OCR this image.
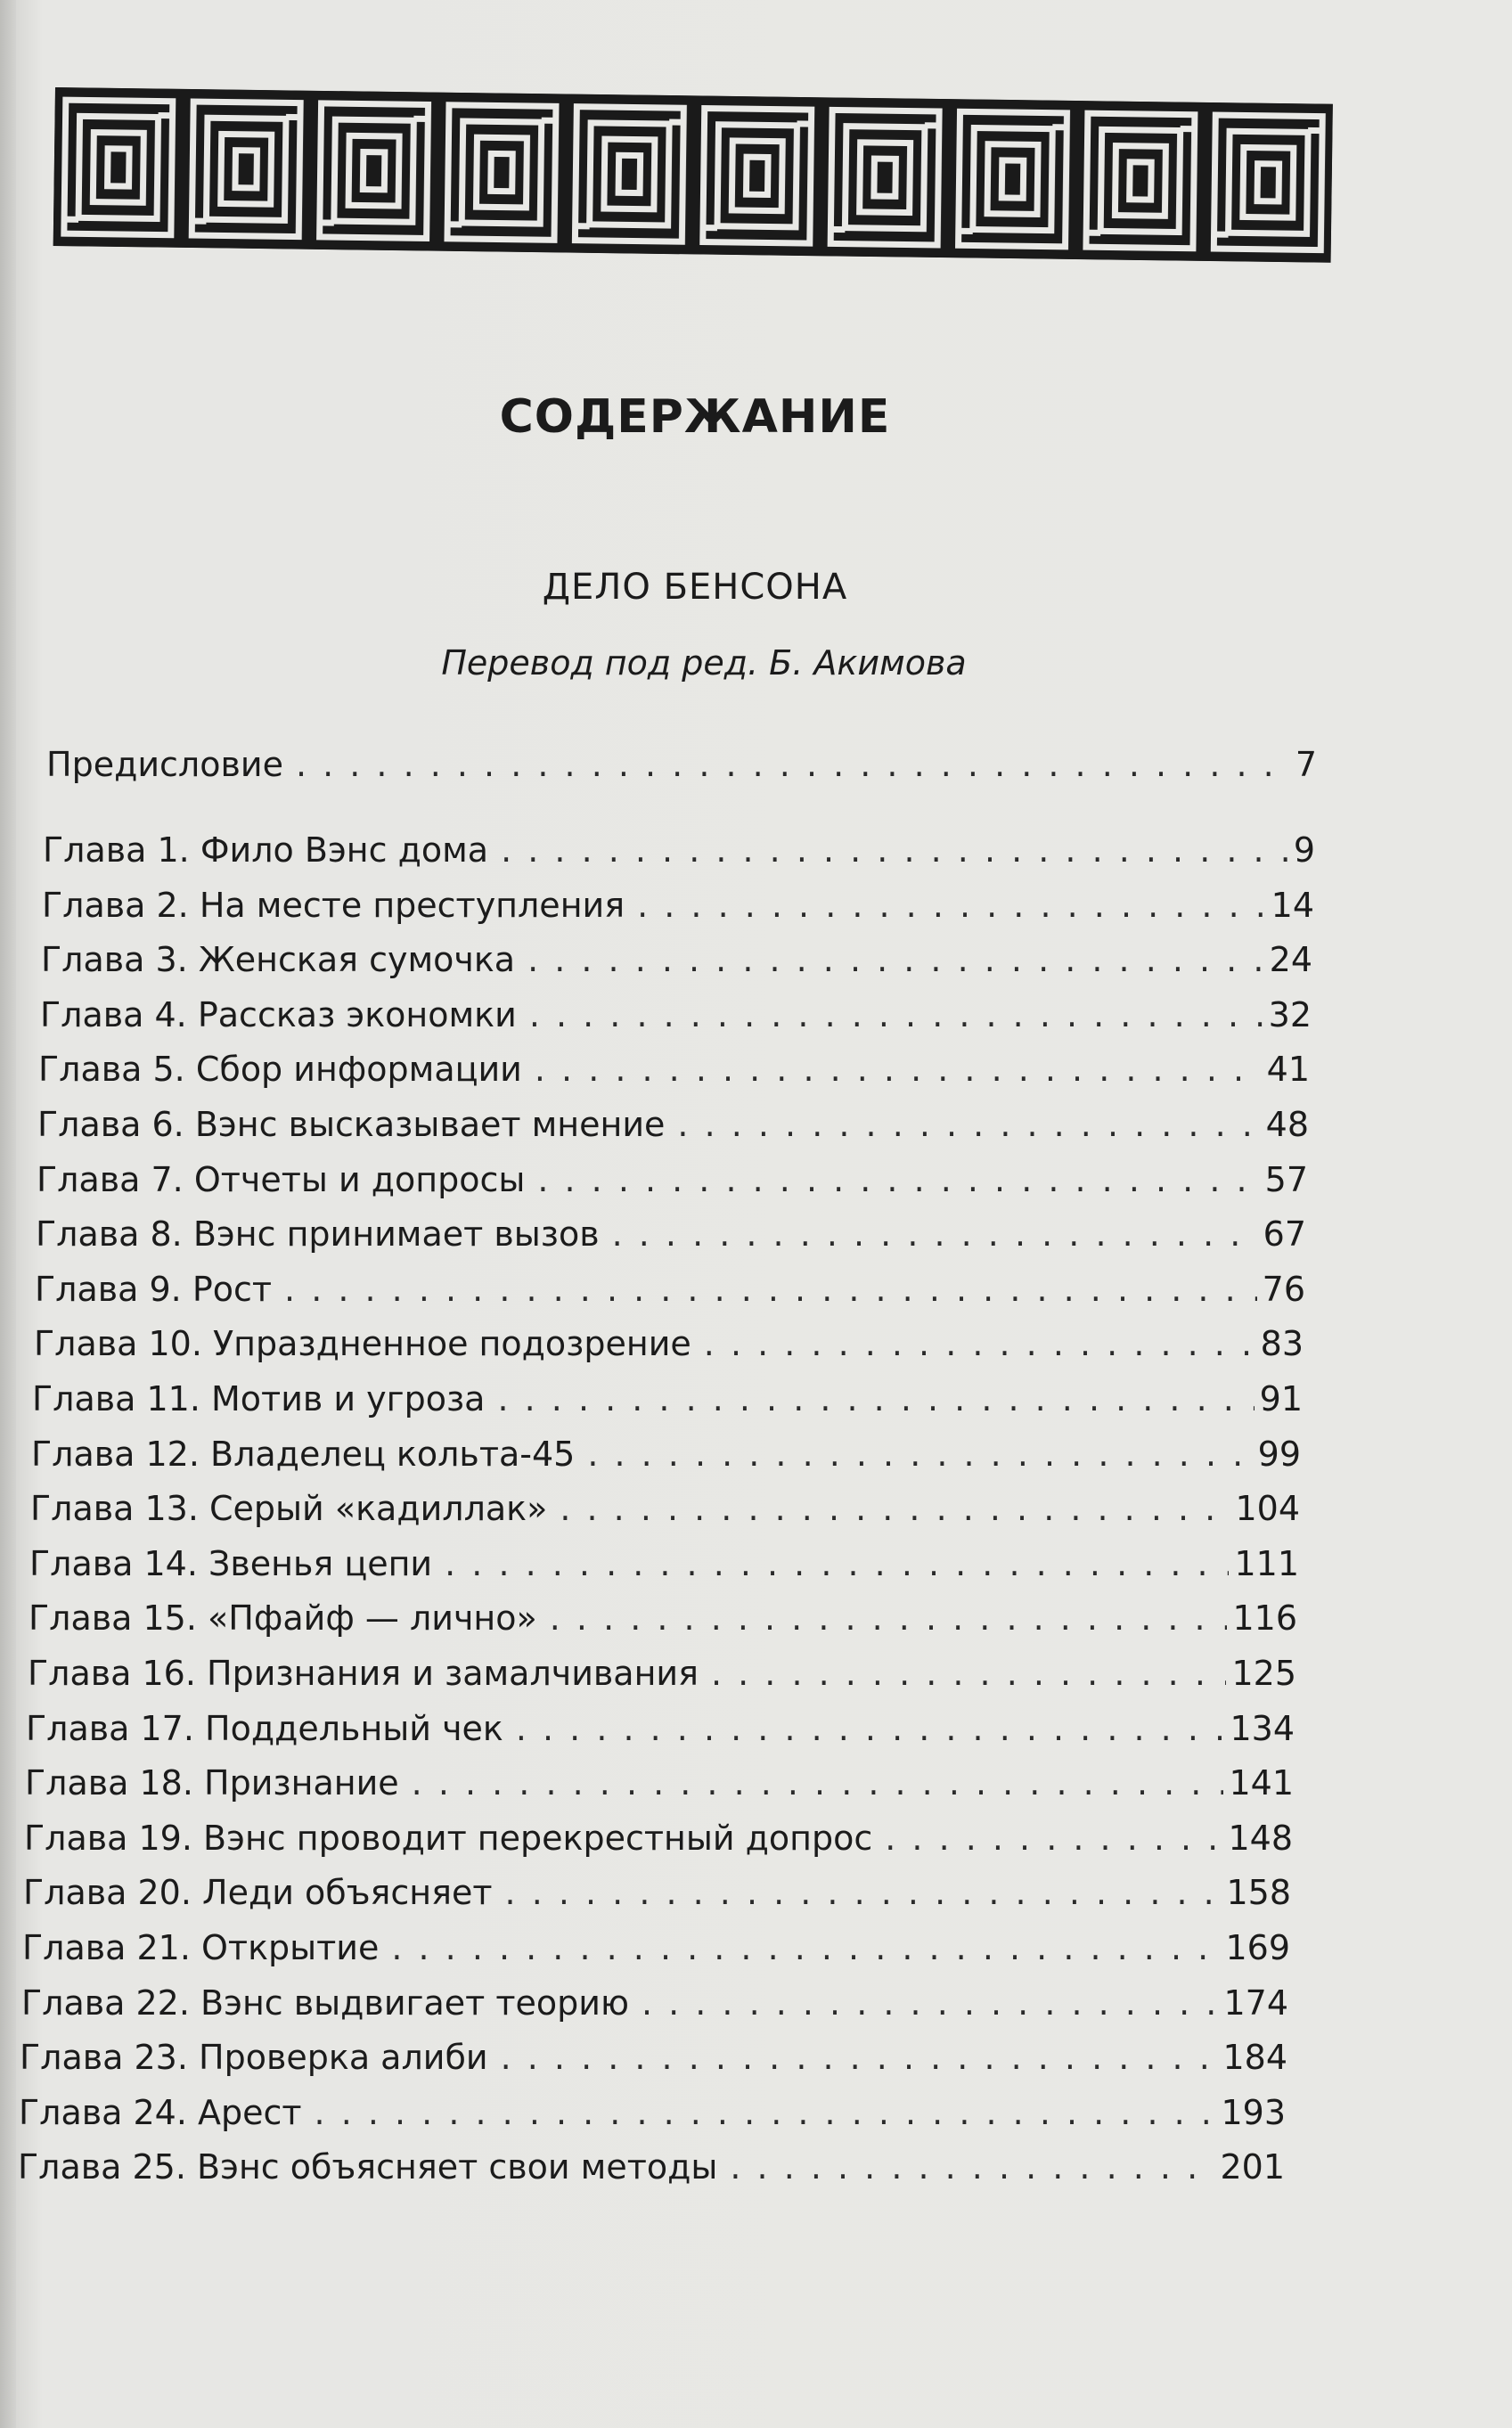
СОДЕРЖАНИЕ
ДЕЛО БЕНСОНА
Перевод под ред. Б. Акимова
Предисловие . . .	7
Глава 1. Фило Вэнс дома . . .	9
Глава 2. На месте преступления . . .	14
Глава 3. Женская сумочка . . .	24
Глава 4. Рассказ экономки . . .	32
Глава 5. Сбор информации . . .	41
Глава 6. Вэнс высказывает мнение . . .	48
Глава 7. Отчеты и допросы . . .	57
Глава 8. Вэнс принимает вызов . . .	67
Глава 9. Рост . . .	76
Глава 10. Упраздненное подозрение . . .	83
Глава 11. Мотив и угроза . . .	91
Глава 12. Владелец кольта-45 . . .	99
Глава 13. Серый «кадиллак» . . .	104
Глава 14. Звенья цепи . . .	111
Глава 15. «Пфайф — лично» . . .	116
Глава 16. Признания и замалчивания . . .	125
Глава 17. Поддельный чек . . .	134
Глава 18. Признание . . .	141
Глава 19. Вэнс проводит перекрестный допрос . . .	148
Глава 20. Леди объясняет . . .	158
Глава 21. Открытие . . .	169
Глава 22. Вэнс выдвигает теорию . . .	174
Глава 23. Проверка алиби . . .	184
Глава 24. Арест . . .	193
Глава 25. Вэнс объясняет свои методы . . .	201
